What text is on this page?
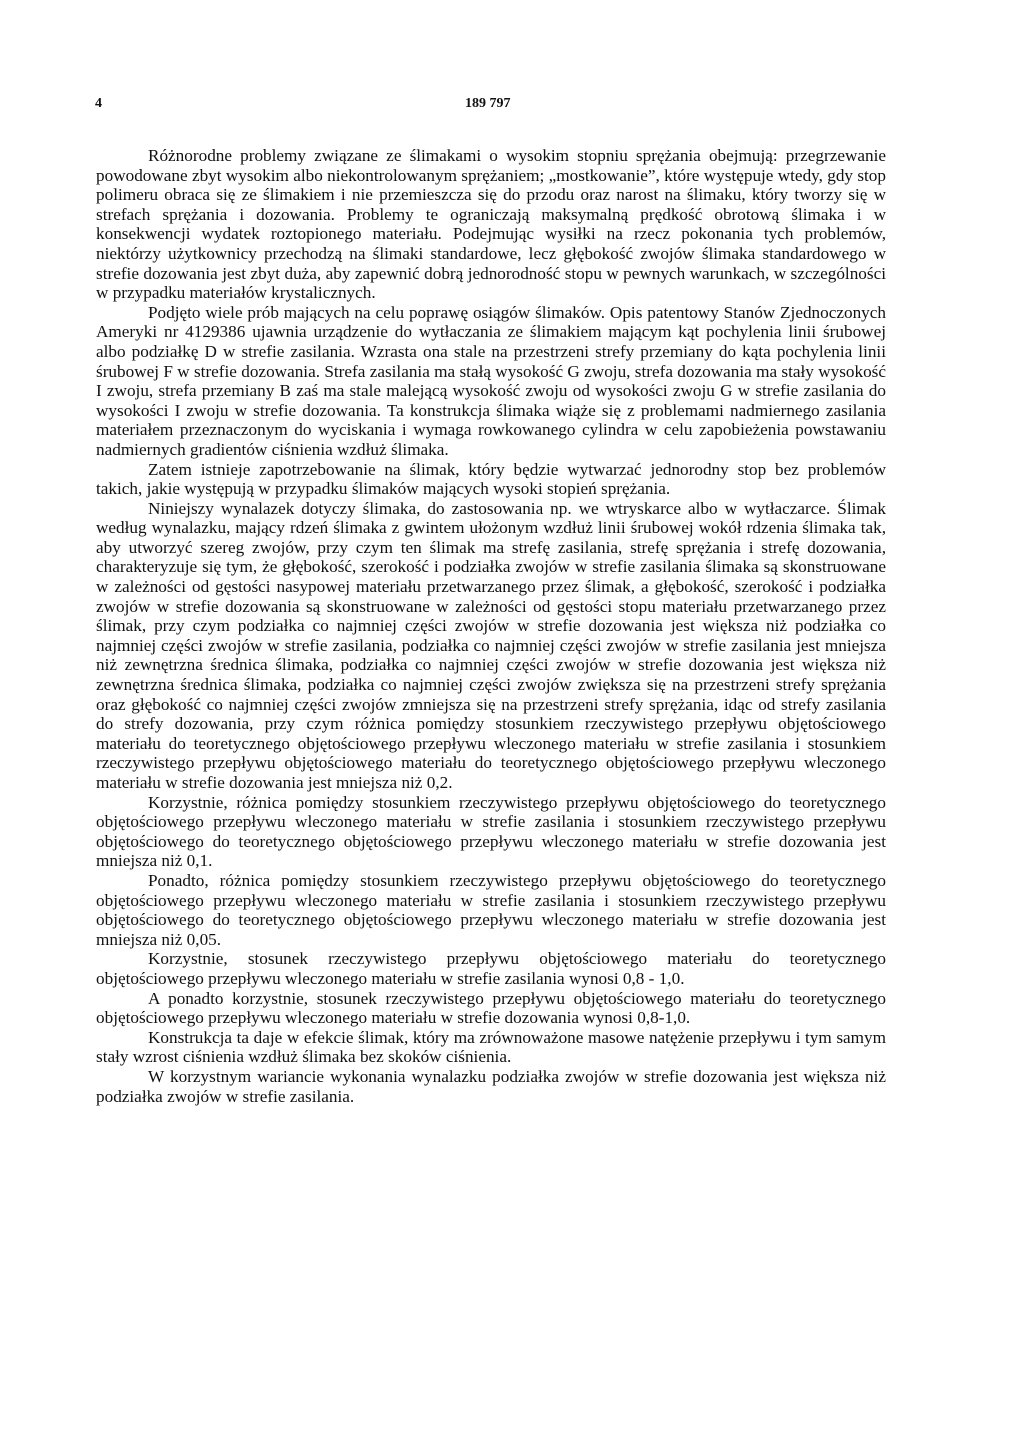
4	189 797

Różnorodne problemy związane ze ślimakami o wysokim stopniu sprężania obejmują: przegrzewanie powodowane zbyt wysokim albo niekontrolowanym sprężaniem; „mostkowanie”, które występuje wtedy, gdy stop polimeru obraca się ze ślimakiem i nie przemieszcza się do przodu oraz narost na ślimaku, który tworzy się w strefach sprężania i dozowania. Problemy te ograniczają maksymalną prędkość obrotową ślimaka i w konsekwencji wydatek roztopionego materiału. Podejmując wysiłki na rzecz pokonania tych problemów, niektórzy użytkownicy przechodzą na ślimaki standardowe, lecz głębokość zwojów ślimaka standardowego w strefie dozowania jest zbyt duża, aby zapewnić dobrą jednorodność stopu w pewnych warunkach, w szczególności w przypadku materiałów krystalicznych.

Podjęto wiele prób mających na celu poprawę osiągów ślimaków. Opis patentowy Stanów Zjednoczonych Ameryki nr 4129386 ujawnia urządzenie do wytłaczania ze ślimakiem mającym kąt pochylenia linii śrubowej albo podziałkę D w strefie zasilania. Wzrasta ona stale na przestrzeni strefy przemiany do kąta pochylenia linii śrubowej F w strefie dozowania. Strefa zasilania ma stałą wysokość G zwoju, strefa dozowania ma stały wysokość I zwoju, strefa przemiany B zaś ma stale malejącą wysokość zwoju od wysokości zwoju G w strefie zasilania do wysokości I zwoju w strefie dozowania. Ta konstrukcja ślimaka wiąże się z problemami nadmiernego zasilania materiałem przeznaczonym do wyciskania i wymaga rowkowanego cylindra w celu zapobieżenia powstawaniu nadmiernych gradientów ciśnienia wzdłuż ślimaka.

Zatem istnieje zapotrzebowanie na ślimak, który będzie wytwarzać jednorodny stop bez problemów takich, jakie występują w przypadku ślimaków mających wysoki stopień sprężania.

Niniejszy wynalazek dotyczy ślimaka, do zastosowania np. we wtryskarce albo w wytłaczarce. Ślimak według wynalazku, mający rdzeń ślimaka z gwintem ułożonym wzdłuż linii śrubowej wokół rdzenia ślimaka tak, aby utworzyć szereg zwojów, przy czym ten ślimak ma strefę zasilania, strefę sprężania i strefę dozowania, charakteryzuje się tym, że głębokość, szerokość i podziałka zwojów w strefie zasilania ślimaka są skonstruowane w zależności od gęstości nasypowej materiału przetwarzanego przez ślimak, a głębokość, szerokość i podziałka zwojów w strefie dozowania są skonstruowane w zależności od gęstości stopu materiału przetwarzanego przez ślimak, przy czym podziałka co najmniej części zwojów w strefie dozowania jest większa niż podziałka co najmniej części zwojów w strefie zasilania, podziałka co najmniej części zwojów w strefie zasilania jest mniejsza niż zewnętrzna średnica ślimaka, podziałka co najmniej części zwojów w strefie dozowania jest większa niż zewnętrzna średnica ślimaka, podziałka co najmniej części zwojów zwiększa się na przestrzeni strefy sprężania oraz głębokość co najmniej części zwojów zmniejsza się na przestrzeni strefy sprężania, idąc od strefy zasilania do strefy dozowania, przy czym różnica pomiędzy stosunkiem rzeczywistego przepływu objętościowego materiału do teoretycznego objętościowego przepływu wleczonego materiału w strefie zasilania i stosunkiem rzeczywistego przepływu objętościowego materiału do teoretycznego objętościowego przepływu wleczonego materiału w strefie dozowania jest mniejsza niż 0,2.

Korzystnie, różnica pomiędzy stosunkiem rzeczywistego przepływu objętościowego do teoretycznego objętościowego przepływu wleczonego materiału w strefie zasilania i stosunkiem rzeczywistego przepływu objętościowego do teoretycznego objętościowego przepływu wleczonego materiału w strefie dozowania jest mniejsza niż 0,1.

Ponadto, różnica pomiędzy stosunkiem rzeczywistego przepływu objętościowego do teoretycznego objętościowego przepływu wleczonego materiału w strefie zasilania i stosunkiem rzeczywistego przepływu objętościowego do teoretycznego objętościowego przepływu wleczonego materiału w strefie dozowania jest mniejsza niż 0,05.

Korzystnie, stosunek rzeczywistego przepływu objętościowego materiału do teoretycznego objętościowego przepływu wleczonego materiału w strefie zasilania wynosi 0,8 - 1,0.

A ponadto korzystnie, stosunek rzeczywistego przepływu objętościowego materiału do teoretycznego objętościowego przepływu wleczonego materiału w strefie dozowania wynosi 0,8-1,0.

Konstrukcja ta daje w efekcie ślimak, który ma zrównoważone masowe natężenie przepływu i tym samym stały wzrost ciśnienia wzdłuż ślimaka bez skoków ciśnienia.

W korzystnym wariancie wykonania wynalazku podziałka zwojów w strefie dozowania jest większa niż podziałka zwojów w strefie zasilania.
